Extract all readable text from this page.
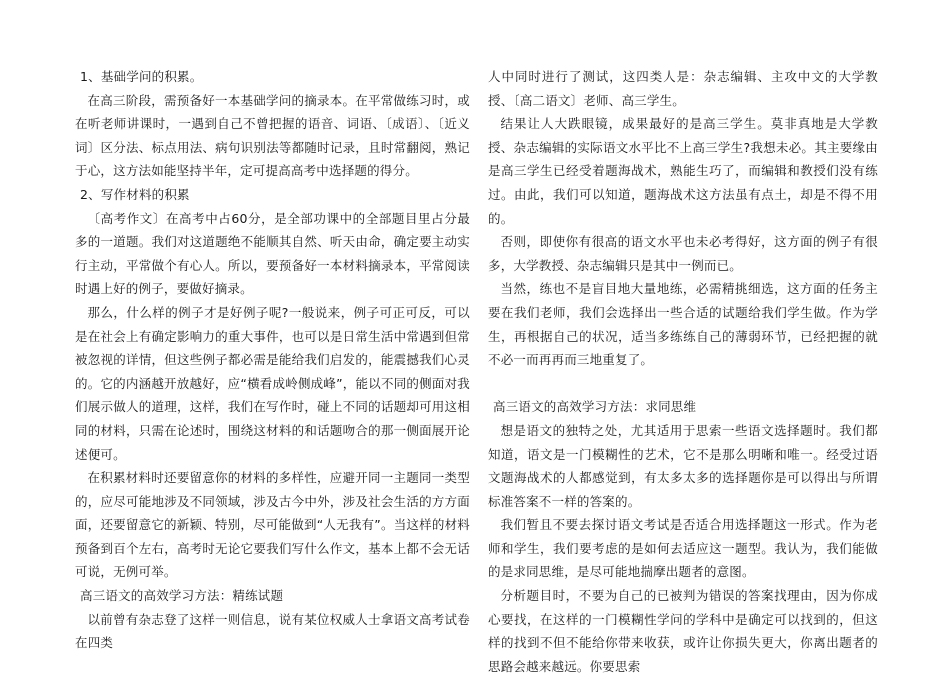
1、基础学问的积累。

在高三阶段，需预备好一本基础学问的摘录本。在平常做练习时，或在听老师讲课时，一遇到自己不曾把握的语音、词语、〔成语〕、〔近义词〕区分法、标点用法、病句识别法等都随时记录，且时常翻阅，熟记于心，这方法如能坚持半年，定可提高高考中选择题的得分。

2、写作材料的积累

〔高考作文〕在高考中占60分，是全部功课中的全部题目里占分最多的一道题。我们对这道题绝不能顺其自然、听天由命，确定要主动实行主动，平常做个有心人。所以，要预备好一本材料摘录本，平常阅读时遇上好的例子，要做好摘录。

那么，什么样的例子才是好例子呢?一般说来，例子可正可反，可以是在社会上有确定影响力的重大事件，也可以是日常生活中常遇到但常被忽视的详情，但这些例子都必需是能给我们启发的，能震撼我们心灵的。它的内涵越开放越好，应“横看成岭侧成峰”，能以不同的侧面对我们展示做人的道理，这样，我们在写作时，碰上不同的话题却可用这相同的材料，只需在论述时，围绕这材料的和话题吻合的那一侧面展开论述便可。

在积累材料时还要留意你的材料的多样性，应避开同一主题同一类型的，应尽可能地涉及不同领域，涉及古今中外，涉及社会生活的方方面面，还要留意它的新颖、特别，尽可能做到“人无我有”。当这样的材料预备到百个左右，高考时无论它要我们写什么作文，基本上都不会无话可说，无例可举。

高三语文的高效学习方法：精练试题

以前曾有杂志登了这样一则信息，说有某位权威人士拿语文高考试卷在四类

人中同时进行了测试，这四类人是：杂志编辑、主攻中文的大学教授、〔高二语文〕老师、高三学生。

结果让人大跌眼镜，成果最好的是高三学生。莫非真地是大学教授、杂志编辑的实际语文水平比不上高三学生?我想未必。其主要缘由是高三学生已经受着题海战术，熟能生巧了，而编辑和教授们没有练过。由此，我们可以知道，题海战术这方法虽有点土，却是不得不用的。

否则，即使你有很高的语文水平也未必考得好，这方面的例子有很多，大学教授、杂志编辑只是其中一例而已。

当然，练也不是盲目地大量地练，必需精挑细选，这方面的任务主要在我们老师，我们会选择出一些合适的试题给我们学生做。作为学生，再根据自己的状况，适当多练练自己的薄弱环节，已经把握的就不必一而再再而三地重复了。

高三语文的高效学习方法：求同思维

想是语文的独特之处，尤其适用于思索一些语文选择题时。我们都知道，语文是一门模糊性的艺术，它不是那么明晰和唯一。经受过语文题海战术的人都感觉到，有太多太多的选择题你是可以得出与所谓标准答案不一样的答案的。

我们暂且不要去探讨语文考试是否适合用选择题这一形式。作为老师和学生，我们要考虑的是如何去适应这一题型。我认为，我们能做的是求同思维，是尽可能地揣摩出题者的意图。

分析题目时，不要为自己的已被判为错误的答案找理由，因为你成心要找，在这样的一门模糊性学问的学科中是确定可以找到的，但这样的找到不但不能给你带来收获，或许让你损失更大，你离出题者的思路会越来越远。你要思索
